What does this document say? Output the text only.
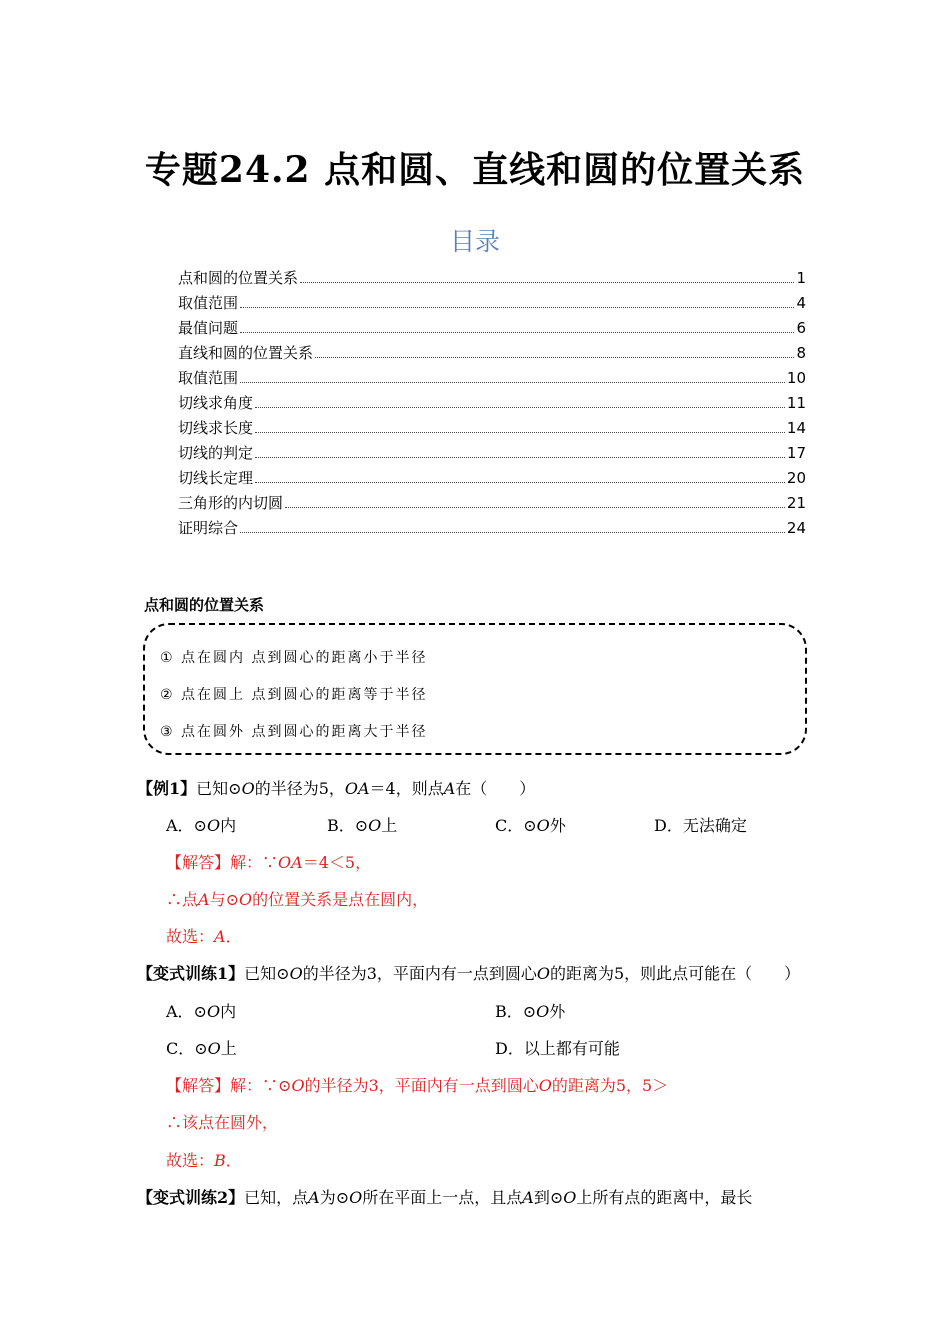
专题24.2 点和圆、直线和圆的位置关系
目录
点和圆的位置关系	1
取值范围	4
最值问题	6
直线和圆的位置关系	8
取值范围	10
切线求角度	11
切线求长度	14
切线的判定	17
切线长定理	20
三角形的内切圆	21
证明综合	24
点和圆的位置关系
① 点在圆内 点到圆心的距离小于半径
② 点在圆上 点到圆心的距离等于半径
③ 点在圆外 点到圆心的距离大于半径
【例1】已知⊙O的半径为5，OA＝4，则点A在（　　）
A．⊙O内	B．⊙O上	C．⊙O外	D．无法确定
【解答】解：∵OA＝4＜5，
∴点A与⊙O的位置关系是点在圆内，
故选：A．
【变式训练1】已知⊙O的半径为3，平面内有一点到圆心O的距离为5，则此点可能在（　　）
A．⊙O内	B．⊙O外
C．⊙O上	D．以上都有可能
【解答】解：∵⊙O的半径为3，平面内有一点到圆心O的距离为5，5＞
∴该点在圆外，
故选：B．
【变式训练2】已知，点A为⊙O所在平面上一点，且点A到⊙O上所有点的距离中，最长
